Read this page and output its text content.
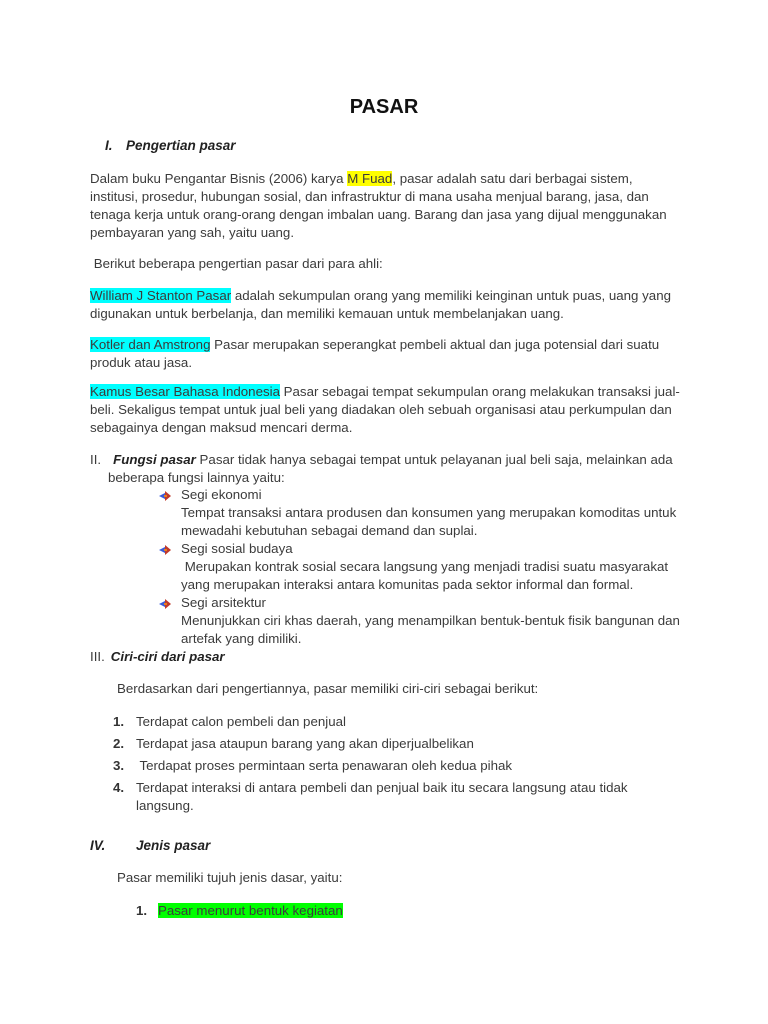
PASAR
I. Pengertian pasar
Dalam buku Pengantar Bisnis (2006) karya M Fuad, pasar adalah satu dari berbagai sistem,
institusi, prosedur, hubungan sosial, dan infrastruktur di mana usaha menjual barang, jasa, dan
tenaga kerja untuk orang-orang dengan imbalan uang. Barang dan jasa yang dijual menggunakan
pembayaran yang sah, yaitu uang.
Berikut beberapa pengertian pasar dari para ahli:
William J Stanton Pasar adalah sekumpulan orang yang memiliki keinginan untuk puas, uang yang
digunakan untuk berbelanja, dan memiliki kemauan untuk membelanjakan uang.
Kotler dan Amstrong Pasar merupakan seperangkat pembeli aktual dan juga potensial dari suatu
produk atau jasa.
Kamus Besar Bahasa Indonesia Pasar sebagai tempat sekumpulan orang melakukan transaksi jual-
beli. Sekaligus tempat untuk jual beli yang diadakan oleh sebuah organisasi atau perkumpulan dan
sebagainya dengan maksud mencari derma.
II. Fungsi pasar Pasar tidak hanya sebagai tempat untuk pelayanan jual beli saja, melainkan ada
beberapa fungsi lainnya yaitu:
Segi ekonomi
Tempat transaksi antara produsen dan konsumen yang merupakan komoditas untuk
mewadahi kebutuhan sebagai demand dan suplai.
Segi sosial budaya
Merupakan kontrak sosial secara langsung yang menjadi tradisi suatu masyarakat
yang merupakan interaksi antara komunitas pada sektor informal dan formal.
Segi arsitektur
Menunjukkan ciri khas daerah, yang menampilkan bentuk-bentuk fisik bangunan dan
artefak yang dimiliki.
III. Ciri-ciri dari pasar
Berdasarkan dari pengertiannya, pasar memiliki ciri-ciri sebagai berikut:
1. Terdapat calon pembeli dan penjual
2. Terdapat jasa ataupun barang yang akan diperjualbelikan
3. Terdapat proses permintaan serta penawaran oleh kedua pihak
4. Terdapat interaksi di antara pembeli dan penjual baik itu secara langsung atau tidak
langsung.
IV. Jenis pasar
Pasar memiliki tujuh jenis dasar, yaitu:
1. Pasar menurut bentuk kegiatan
